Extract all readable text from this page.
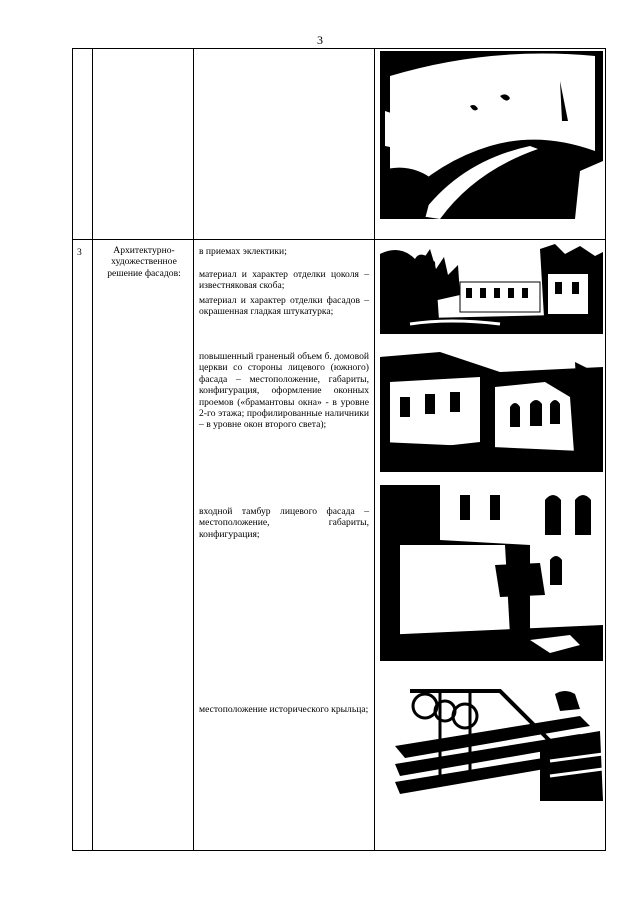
3
3	Архитектурно-художественное решение фасадов:
в приемах эклектики;
материал и характер отделки цоколя – известняковая скоба;
материал и характер отделки фасадов – окрашенная гладкая штукатурка;
повышенный граненый объем б. домовой церкви со стороны лицевого (южного) фасада – местоположение, габариты, конфигурация, оформление оконных проемов («брамантовы окна» - в уровне 2-го этажа; профилированные наличники – в уровне окон второго света);
входной тамбур лицевого фасада – местоположение, габариты, конфигурация;
местоположение исторического крыльца;
